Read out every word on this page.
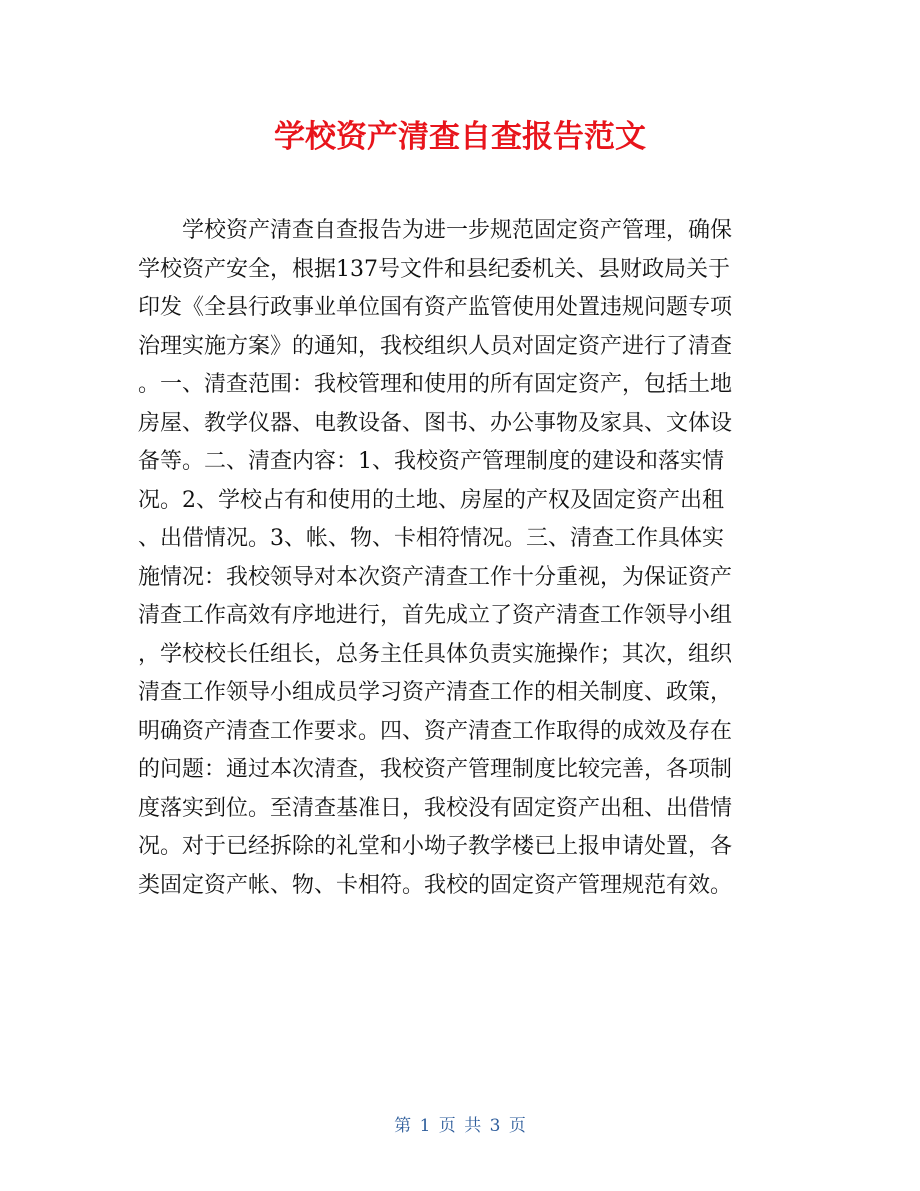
学校资产清查自查报告范文
　　学校资产清查自查报告为进一步规范固定资产管理，确保
学校资产安全，根据137号文件和县纪委机关、县财政局关于
印发《全县行政事业单位国有资产监管使用处置违规问题专项
治理实施方案》的通知，我校组织人员对固定资产进行了清查
。一、清查范围：我校管理和使用的所有固定资产，包括土地
房屋、教学仪器、电教设备、图书、办公事物及家具、文体设
备等。二、清查内容：1、我校资产管理制度的建设和落实情
况。2、学校占有和使用的土地、房屋的产权及固定资产出租
、出借情况。3、帐、物、卡相符情况。三、清查工作具体实
施情况：我校领导对本次资产清查工作十分重视，为保证资产
清查工作高效有序地进行，首先成立了资产清查工作领导小组
，学校校长任组长，总务主任具体负责实施操作；其次，组织
清查工作领导小组成员学习资产清查工作的相关制度、政策，
明确资产清查工作要求。四、资产清查工作取得的成效及存在
的问题：通过本次清查，我校资产管理制度比较完善，各项制
度落实到位。至清查基准日，我校没有固定资产出租、出借情
况。对于已经拆除的礼堂和小坳子教学楼已上报申请处置，各
类固定资产帐、物、卡相符。我校的固定资产管理规范有效。
第 1 页 共 3 页
